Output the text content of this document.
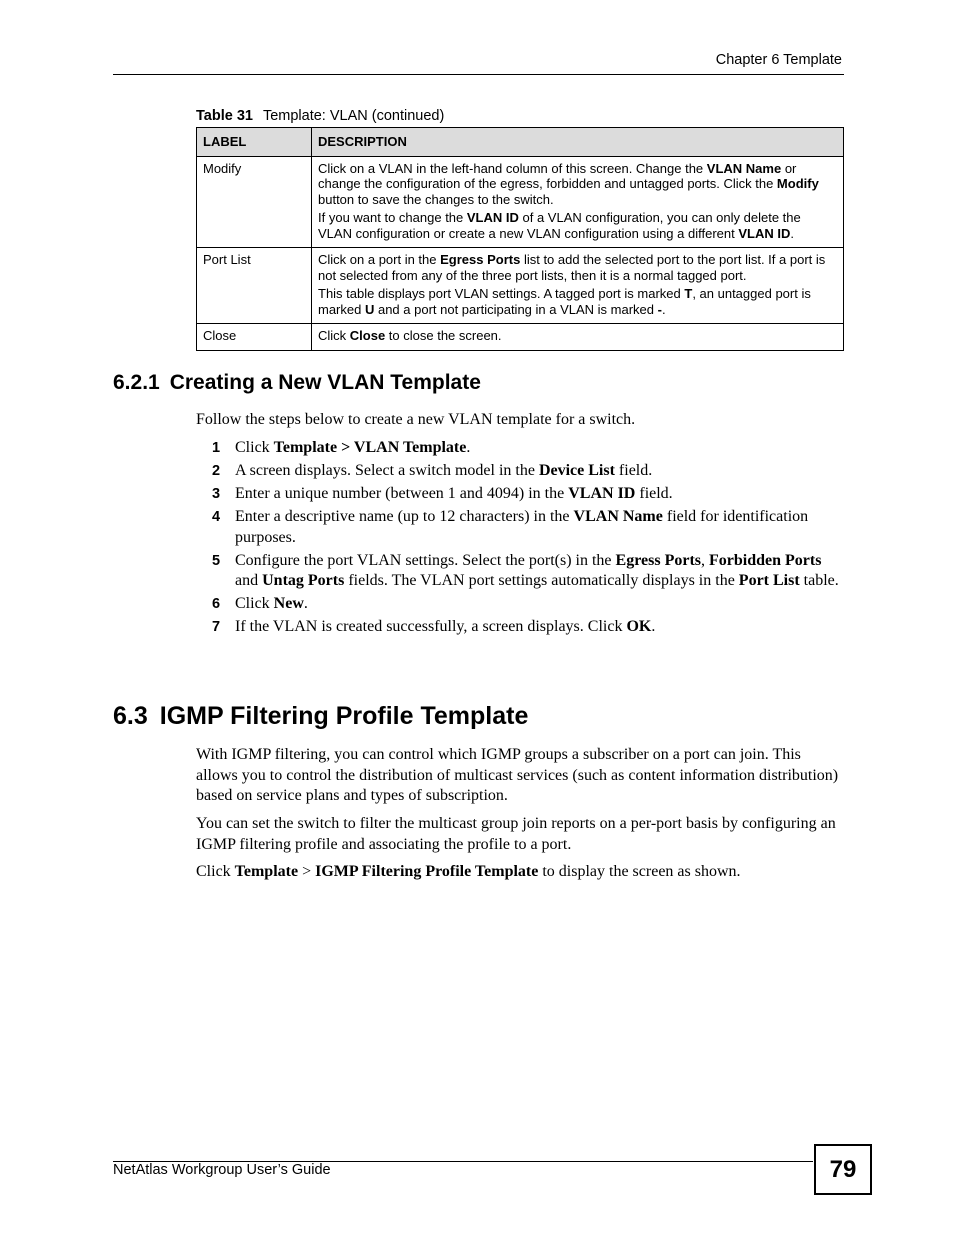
Chapter 6 Template
Table 31 Template: VLAN (continued)
LABEL	DESCRIPTION
Modify	Click on a VLAN in the left-hand column of this screen. Change the VLAN Name or change the configuration of the egress, forbidden and untagged ports. Click the Modify button to save the changes to the switch.

If you want to change the VLAN ID of a VLAN configuration, you can only delete the VLAN configuration or create a new VLAN configuration using a different VLAN ID.

Port List	Click on a port in the Egress Ports list to add the selected port to the port list. If a port is not selected from any of the three port lists, then it is a normal tagged port.

This table displays port VLAN settings. A tagged port is marked T, an untagged port is marked U and a port not participating in a VLAN is marked -.

Close	Click Close to close the screen.

6.2.1 Creating a New VLAN Template

Follow the steps below to create a new VLAN template for a switch.

1 Click Template > VLAN Template.
2 A screen displays. Select a switch model in the Device List field.
3 Enter a unique number (between 1 and 4094) in the VLAN ID field.
4 Enter a descriptive name (up to 12 characters) in the VLAN Name field for identification purposes.
5 Configure the port VLAN settings. Select the port(s) in the Egress Ports, Forbidden Ports and Untag Ports fields. The VLAN port settings automatically displays in the Port List table.
6 Click New.
7 If the VLAN is created successfully, a screen displays. Click OK.
6.3 IGMP Filtering Profile Template

With IGMP filtering, you can control which IGMP groups a subscriber on a port can join. This allows you to control the distribution of multicast services (such as content information distribution) based on service plans and types of subscription.

You can set the switch to filter the multicast group join reports on a per-port basis by configuring an IGMP filtering profile and associating the profile to a port.

Click Template > IGMP Filtering Profile Template to display the screen as shown.

NetAtlas Workgroup User’s Guide	79
